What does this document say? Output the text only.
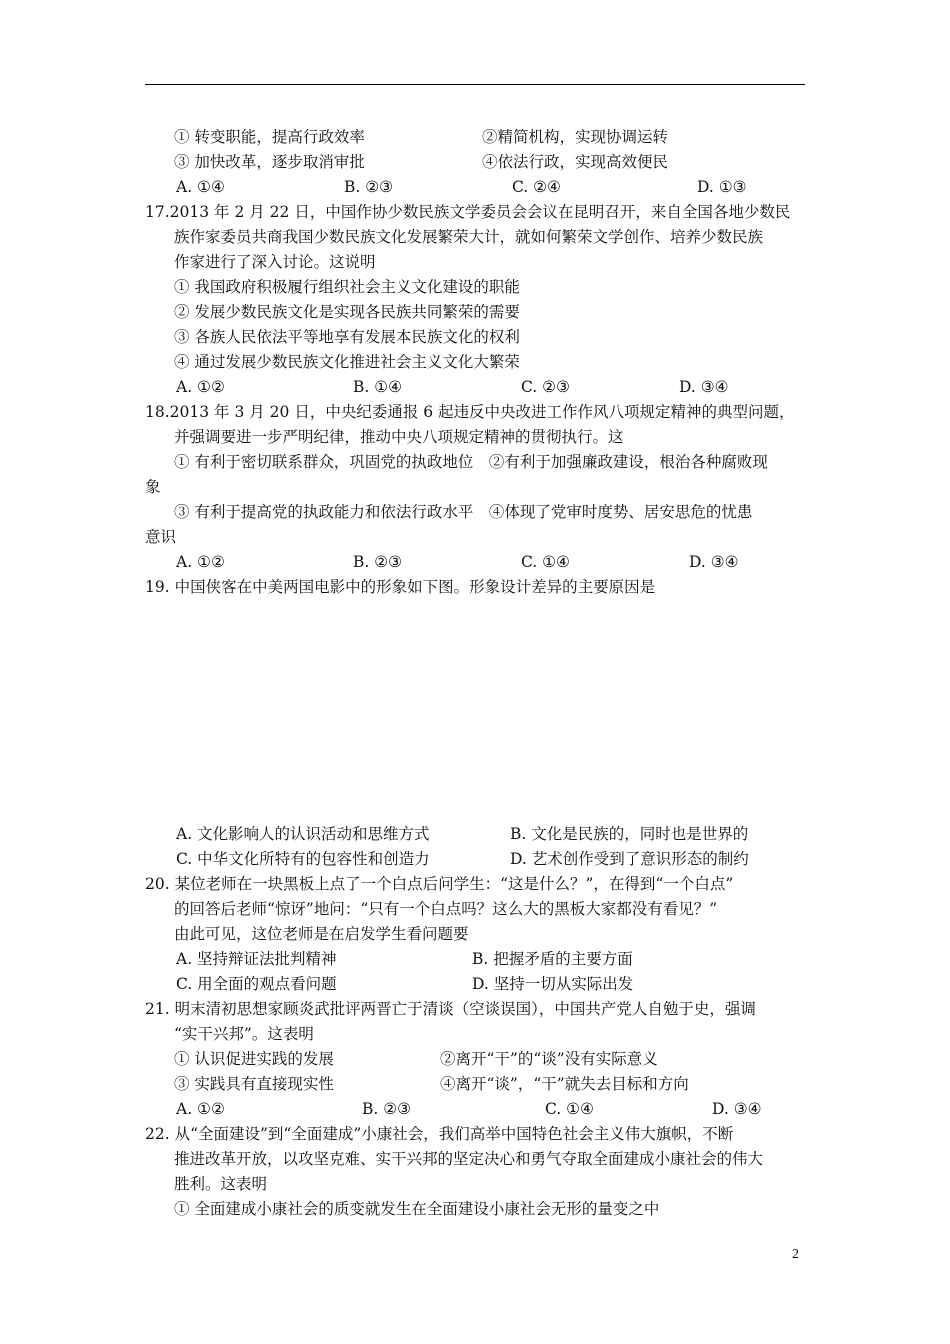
① 转变职能，提高行政效率	②精简机构，实现协调运转
③ 加快改革，逐步取消审批	④依法行政，实现高效便民
A. ①④	B. ②③	C. ②④	D. ①③
17.2013 年 2 月 22 日，中国作协少数民族文学委员会会议在昆明召开，来自全国各地少数民
族作家委员共商我国少数民族文化发展繁荣大计，就如何繁荣文学创作、培养少数民族
作家进行了深入讨论。这说明
① 我国政府积极履行组织社会主义文化建设的职能
② 发展少数民族文化是实现各民族共同繁荣的需要
③ 各族人民依法平等地享有发展本民族文化的权利
④ 通过发展少数民族文化推进社会主义文化大繁荣
A. ①②	B. ①④	C. ②③	D. ③④
18.2013 年 3 月 20 日，中央纪委通报 6 起违反中央改进工作作风八项规定精神的典型问题，
并强调要进一步严明纪律，推动中央八项规定精神的贯彻执行。这
① 有利于密切联系群众，巩固党的执政地位　②有利于加强廉政建设，根治各种腐败现
象
③ 有利于提高党的执政能力和依法行政水平　④体现了党审时度势、居安思危的忧患
意识
A. ①②	B. ②③	C. ①④	D. ③④
19. 中国侠客在中美两国电影中的形象如下图。形象设计差异的主要原因是
A. 文化影响人的认识活动和思维方式	B. 文化是民族的，同时也是世界的
C. 中华文化所特有的包容性和创造力	D. 艺术创作受到了意识形态的制约
20. 某位老师在一块黑板上点了一个白点后问学生：“这是什么？”，在得到“一个白点”
的回答后老师“惊讶”地问：“只有一个白点吗？这么大的黑板大家都没有看见？”
由此可见，这位老师是在启发学生看问题要
A. 坚持辩证法批判精神	B. 把握矛盾的主要方面
C. 用全面的观点看问题	D. 坚持一切从实际出发
21. 明末清初思想家顾炎武批评两晋亡于清谈（空谈误国），中国共产党人自勉于史，强调
“实干兴邦”。这表明
① 认识促进实践的发展	②离开“干”的“谈”没有实际意义
③ 实践具有直接现实性	④离开“谈”，“干”就失去目标和方向
A. ①②	B. ②③	C. ①④	D. ③④
22. 从“全面建设”到“全面建成”小康社会，我们高举中国特色社会主义伟大旗帜，不断
推进改革开放，以攻坚克难、实干兴邦的坚定决心和勇气夺取全面建成小康社会的伟大
胜利。这表明
① 全面建成小康社会的质变就发生在全面建设小康社会无形的量变之中
2
